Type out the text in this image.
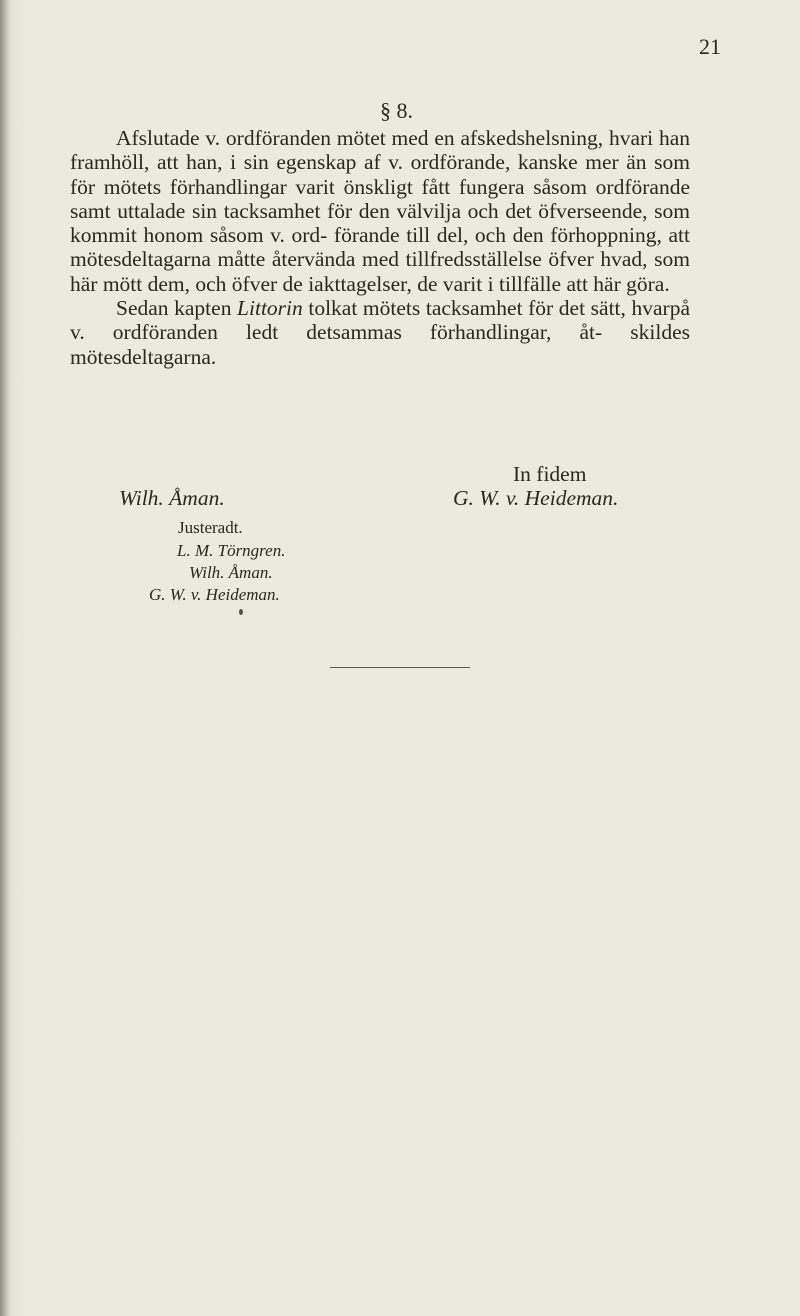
21
§ 8.

Afslutade v. ordföranden mötet med en afskedshelsning, hvari han framhöll, att han, i sin egenskap af v. ordförande, kanske mer än som för mötets förhandlingar varit önskligt fått fungera såsom ordförande samt uttalade sin tacksamhet för den välvilja och det öfverseende, som kommit honom såsom v. ord- förande till del, och den förhoppning, att mötesdeltagarna måtte återvända med tillfredsställelse öfver hvad, som här mött dem, och öfver de iakttagelser, de varit i tillfälle att här göra.

Sedan kapten Littorin tolkat mötets tacksamhet för det sätt, hvarpå v. ordföranden ledt detsammas förhandlingar, åt- skildes mötesdeltagarna.

In fidem
Wilh. Åman.	G. W. v. Heideman.
Justeradt.
L. M. Törngren.
Wilh. Åman.
G. W. v. Heideman.
